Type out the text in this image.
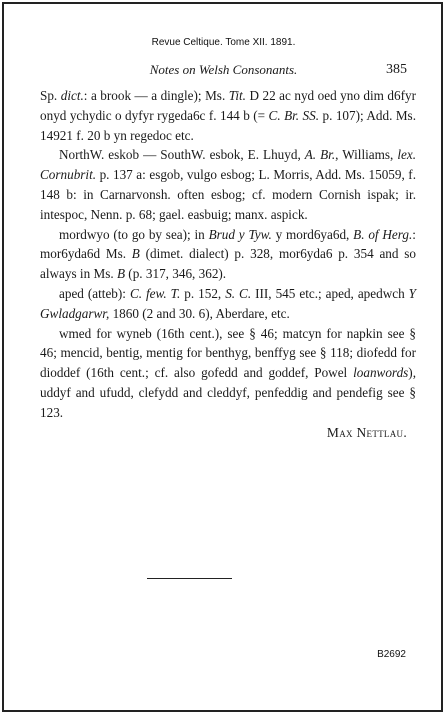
Revue Celtique. Tome XII. 1891.
Notes on Welsh Consonants.	385

Sp. dict.: a brook — a dingle); Ms. Tit. D 22 ac nyd oed yno dim d6fyr onyd ychydic o dyfyr rygeda6c f. 144 b (= C. Br. SS. p. 107); Add. Ms. 14921 f. 20 b yn regedoc etc.

NorthW. eskob — SouthW. esbok, E. Lhuyd, A. Br., Williams, lex. Cornubrit. p. 137 a: esgob, vulgo esbog; L. Morris, Add. Ms. 15059, f. 148 b: in Carnarvonsh. often esbog; cf. modern Cornish ispak; ir. intespoc, Nenn. p. 68; gael. easbuig; manx. aspick.

mordwyo (to go by sea); in Brud y Tyw. y mord6ya6d, B. of Herg.: mor6yda6d Ms. B (dimet. dialect) p. 328, mor6yda6 p. 354 and so always in Ms. B (p. 317, 346, 362).

aped (atteb): C. few. T. p. 152, S. C. III, 545 etc.; aped, apedwch Y Gwladgarwr, 1860 (2 and 30. 6), Aberdare, etc.

wmed for wyneb (16th cent.), see § 46; matcyn for napkin see § 46; mencid, bentig, mentig for benthyg, benffyg see § 118; diofedd for dioddef (16th cent.; cf. also gofedd and goddef, Powel loanwords), uddyf and ufudd, clefydd and cleddyf, penfeddig and pendefig see § 123.

Max Nettlau.
B2692
